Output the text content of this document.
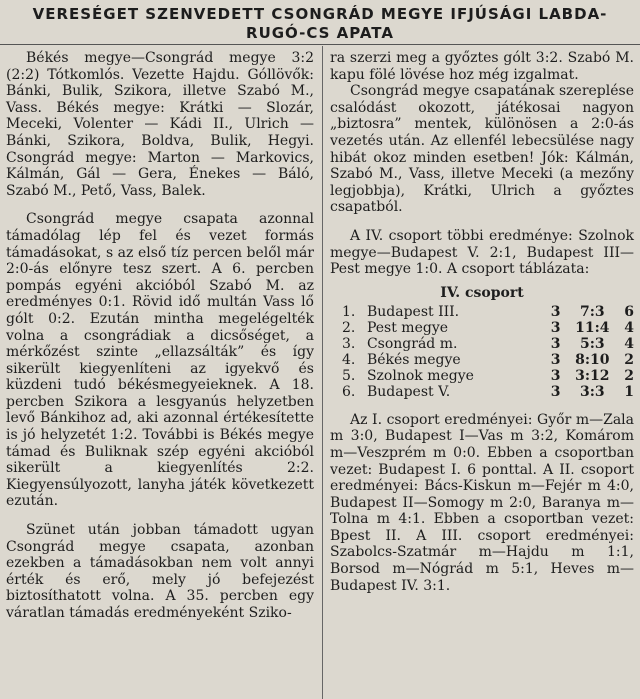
VERESÉGET SZENVEDETT CSONGRÁD MEGYE IFJÚSÁGI LABDA-
RUGÓ-CS APATA

Békés megye—Csongrád megye 3:2 (2:2) Tótkomlós. Vezette Hajdu. Góllövők: Bánki, Bulik, Szikora, illetve Szabó M., Vass. Békés megye: Krátki — Slozár, Meceki, Volenter — Kádi II., Ulrich — Bánki, Szikora, Boldva, Bulik, Hegyi. Csongrád megye: Marton — Markovics, Kálmán, Gál — Gera, Énekes — Báló, Szabó M., Pető, Vass, Balek.

Csongrád megye csapata azonnal támadólag lép fel és vezet formás támadásokat, s az első tíz percen belől már 2:0-ás előnyre tesz szert. A 6. percben pompás egyéni akcióból Szabó M. az eredményes 0:1. Rövid idő multán Vass lő gólt 0:2. Ezután mintha megelégelték volna a csongrádiak a dicsőséget, a mérkőzést szinte „ellazsálták” és így sikerült kiegyenlíteni az igyekvő és küzdeni tudó békésmegyeieknek. A 18. percben Szikora a lesgyanús helyzetben levő Bánkihoz ad, aki azonnal értékesítette is jó helyzetét 1:2. További is Békés megye támad és Buliknak szép egyéni akcióból sikerült a kiegyenlítés 2:2. Kiegyensúlyozott, lanyha játék következett ezután.

Szünet után jobban támadott ugyan Csongrád megye csapata, azonban ezekben a támadásokban nem volt annyi érték és erő, mely jó befejezést biztosíthatott volna. A 35. percben egy váratlan támadás eredményeként Sziko-

ra szerzi meg a győztes gólt 3:2. Szabó M. kapu fölé lövése hoz még izgalmat.

Csongrád megye csapatának szereplése csalódást okozott, játékosai nagyon „biztosra” mentek, különösen a 2:0-ás vezetés után. Az ellenfél lebecsülése nagy hibát okoz minden esetben! Jók: Kálmán, Szabó M., Vass, illetve Meceki (a mezőny legjobbja), Krátki, Ulrich a győztes csapatból.

A IV. csoport többi eredménye: Szolnok megye—Budapest V. 2:1, Budapest III—Pest megye 1:0. A csoport táblázata:

IV. csoport
1.	Budapest III.	3	7:3	6
2.	Pest megye	3	11:4	4
3.	Csongrád m.	3	5:3	4
4.	Békés megye	3	8:10	2
5.	Szolnok megye	3	3:12	2
6.	Budapest V.	3	3:3	1

Az I. csoport eredményei: Győr m—Zala m 3:0, Budapest I—Vas m 3:2, Komárom m—Veszprém m 0:0. Ebben a csoportban vezet: Budapest I. 6 ponttal. A II. csoport eredményei: Bács-Kiskun m—Fejér m 4:0, Budapest II—Somogy m 2:0, Baranya m—Tolna m 4:1. Ebben a csoportban vezet: Bpest II. A III. csoport eredményei: Szabolcs-Szatmár m—Hajdu m 1:1, Borsod m—Nógrád m 5:1, Heves m—Budapest IV. 3:1.
